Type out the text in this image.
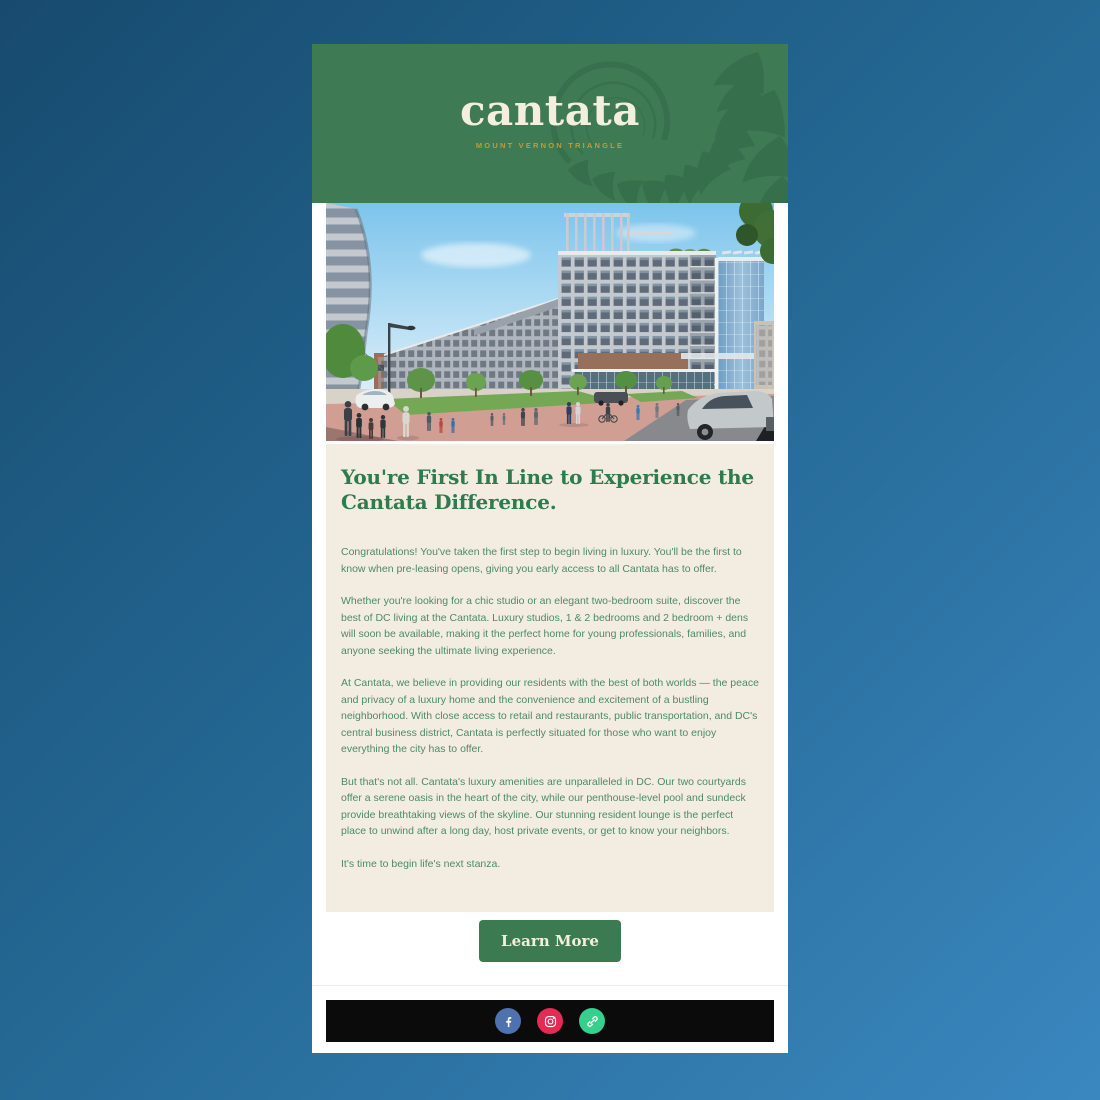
cantata
MOUNT VERNON TRIANGLE
You're First In Line to Experience the Cantata Difference.

Congratulations! You've taken the first step to begin living in luxury. You'll be the first to know when pre-leasing opens, giving you early access to all Cantata has to offer.

Whether you're looking for a chic studio or an elegant two-bedroom suite, discover the best of DC living at the Cantata. Luxury studios, 1 & 2 bedrooms and 2 bedroom + dens will soon be available, making it the perfect home for young professionals, families, and anyone seeking the ultimate living experience.

At Cantata, we believe in providing our residents with the best of both worlds — the peace and privacy of a luxury home and the convenience and excitement of a bustling neighborhood. With close access to retail and restaurants, public transportation, and DC's central business district, Cantata is perfectly situated for those who want to enjoy everything the city has to offer.

But that's not all. Cantata's luxury amenities are unparalleled in DC. Our two courtyards offer a serene oasis in the heart of the city, while our penthouse-level pool and sundeck provide breathtaking views of the skyline. Our stunning resident lounge is the perfect place to unwind after a long day, host private events, or get to know your neighbors.

It's time to begin life's next stanza.

Learn More
